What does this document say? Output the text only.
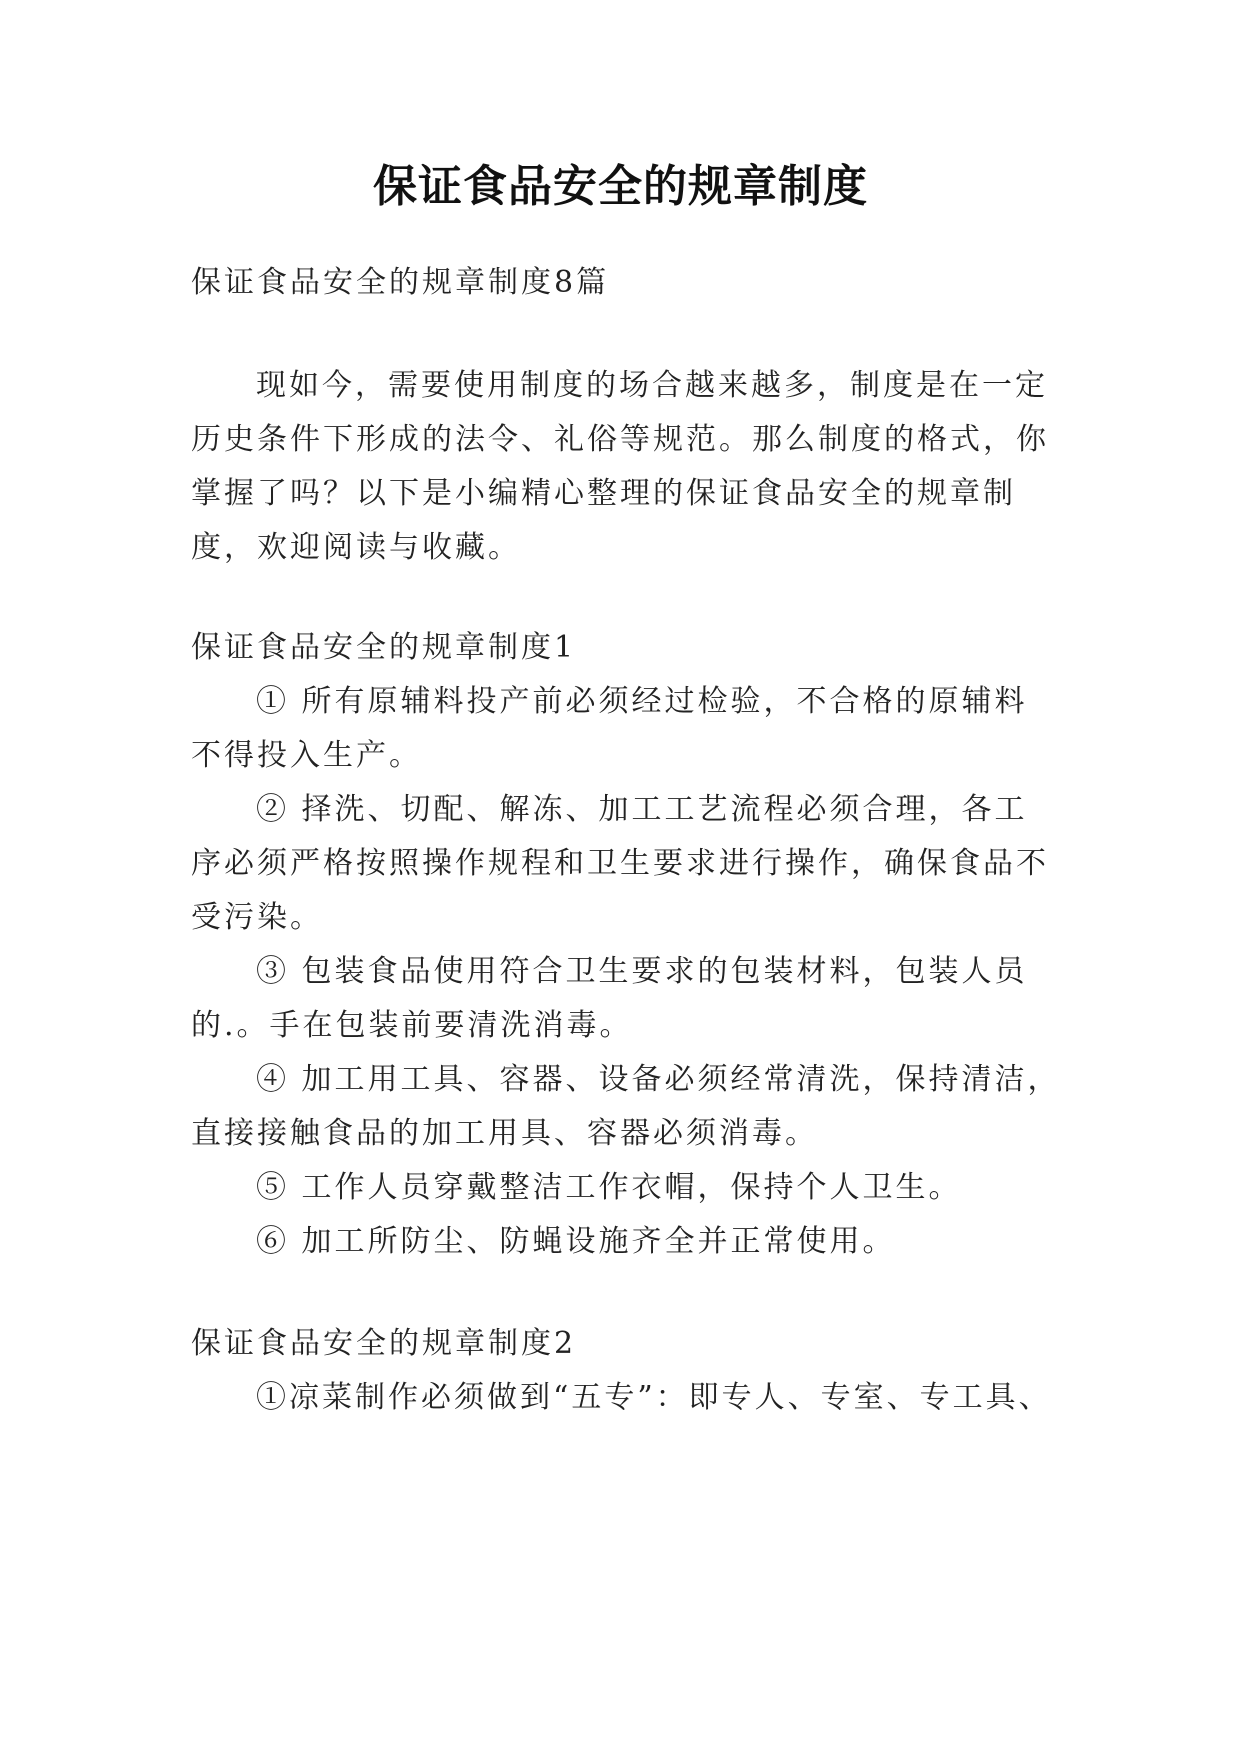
保证食品安全的规章制度
保证食品安全的规章制度8篇
现如今，需要使用制度的场合越来越多，制度是在一定
历史条件下形成的法令、礼俗等规范。那么制度的格式，你
掌握了吗？以下是小编精心整理的保证食品安全的规章制
度，欢迎阅读与收藏。
保证食品安全的规章制度1
① 所有原辅料投产前必须经过检验，不合格的原辅料
不得投入生产。
② 择洗、切配、解冻、加工工艺流程必须合理，各工
序必须严格按照操作规程和卫生要求进行操作，确保食品不
受污染。
③ 包装食品使用符合卫生要求的包装材料，包装人员
的.。手在包装前要清洗消毒。
④ 加工用工具、容器、设备必须经常清洗，保持清洁，
直接接触食品的加工用具、容器必须消毒。
⑤ 工作人员穿戴整洁工作衣帽，保持个人卫生。
⑥ 加工所防尘、防蝇设施齐全并正常使用。
保证食品安全的规章制度2
①凉菜制作必须做到“五专”：即专人、专室、专工具、
